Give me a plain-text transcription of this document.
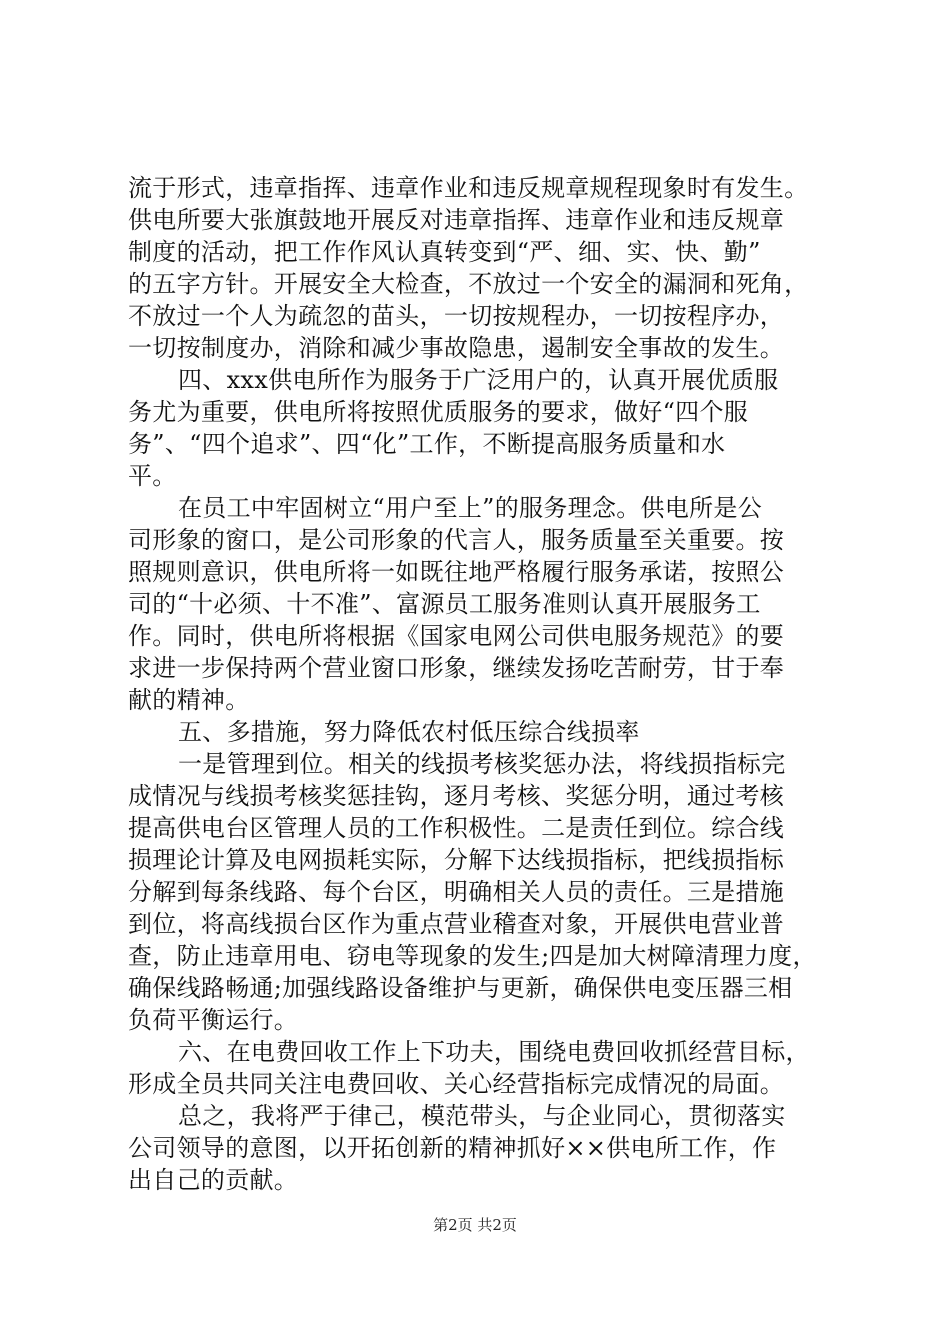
流于形式，违章指挥、违章作业和违反规章规程现象时有发生。
供电所要大张旗鼓地开展反对违章指挥、违章作业和违反规章
制度的活动，把工作作风认真转变到“严、细、实、快、勤”
的五字方针。开展安全大检查，不放过一个安全的漏洞和死角，
不放过一个人为疏忽的苗头，一切按规程办，一切按程序办，
一切按制度办，消除和减少事故隐患，遏制安全事故的发生。
四、xxx供电所作为服务于广泛用户的，认真开展优质服
务尤为重要，供电所将按照优质服务的要求，做好“四个服
务”、“四个追求”、四“化”工作，不断提高服务质量和水
平。
在员工中牢固树立“用户至上”的服务理念。供电所是公
司形象的窗口，是公司形象的代言人，服务质量至关重要。按
照规则意识，供电所将一如既往地严格履行服务承诺，按照公
司的“十必须、十不准”、富源员工服务准则认真开展服务工
作。同时，供电所将根据《国家电网公司供电服务规范》的要
求进一步保持两个营业窗口形象，继续发扬吃苦耐劳，甘于奉
献的精神。
五、多措施，努力降低农村低压综合线损率
一是管理到位。相关的线损考核奖惩办法，将线损指标完
成情况与线损考核奖惩挂钩，逐月考核、奖惩分明，通过考核
提高供电台区管理人员的工作积极性。二是责任到位。综合线
损理论计算及电网损耗实际，分解下达线损指标，把线损指标
分解到每条线路、每个台区，明确相关人员的责任。三是措施
到位，将高线损台区作为重点营业稽查对象，开展供电营业普
查，防止违章用电、窃电等现象的发生;四是加大树障清理力度，
确保线路畅通;加强线路设备维护与更新，确保供电变压器三相
负荷平衡运行。
六、在电费回收工作上下功夫，围绕电费回收抓经营目标，
形成全员共同关注电费回收、关心经营指标完成情况的局面。
总之，我将严于律己，模范带头，与企业同心，贯彻落实
公司领导的意图，以开拓创新的精神抓好××供电所工作，作
出自己的贡献。
第2页 共2页
